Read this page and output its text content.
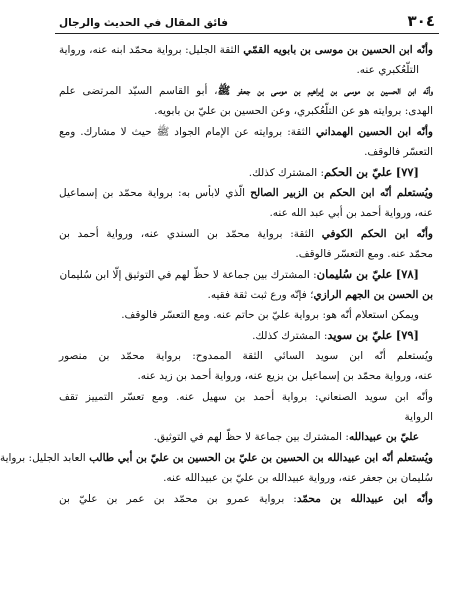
٣٠٤
فائق المقال في الحديث والرجال
وأنّه ابن الحسين بن موسى بن بابويه القمّي الثقة الجليل: برواية محمّد ابنه عنه، ورواية
التلّعُكبري عنه.
وأنّه ابن الحسين بن موسى بن إبراهيم بن موسى بن جعفر ﷺ، أبو القاسم السيّد المرتضى علم
الهدى: بروايته هو عن التلّعُكبري، وعن الحسين بن عليّ بن بابويه.
وأنّه ابن الحسين الهمداني الثقة: بروايته عن الإمام الجواد ﷺ حيث لا مشارك. ومع
التعسّر فالوقف.
[٧٧] عليّ بن الحكم: المشترك كذلك.
ويُستعلم أنّه ابن الحكم بن الزبير الصالح الّذي لابأس به: برواية محمّد بن إسماعيل
عنه، ورواية أحمد بن أبي عبد الله عنه.
وأنّه ابن الحكم الكوفي الثقة: برواية محمّد بن السندي عنه، ورواية أحمد بن
محمّد عنه. ومع التعسّر فالوقف.
[٧٨] عليّ بن سُليمان: المشترك بين جماعة لا حظّ لهم في التوثيق إلّا ابن سُليمان
بن الحسن بن الجهم الرازي؛ فإنّه ورع ثبت ثقة فقيه.
ويمكن استعلام أنّه هو: برواية عليّ بن حاتم عنه. ومع التعسّر فالوقف.
[٧٩] عليّ بن سويد: المشترك كذلك.
ويُستعلم أنّه ابن سويد السائي الثقة الممدوح: برواية محمّد بن منصور
عنه، ورواية محمّد بن إسماعيل بن بزيع عنه، ورواية أحمد بن زيد عنه.
وأنّه ابن سويد الصنعاني: برواية أحمد بن سهيل عنه. ومع تعسّر التمييز تقف
الرواية
عليّ بن عبيدالله: المشترك بين جماعة لا حظّ لهم في التوثيق.
ويُستعلم أنّه ابن عبيدالله بن الحسين بن عليّ بن الحسين بن عليّ بن أبي طالب العابد الجليل: برواية
سُليمان بن جعفر عنه، ورواية عبيدالله بن عليّ بن عبيدالله عنه.
وأنّه ابن عبيدالله بن محمّد: برواية عمرو بن محمّد بن عمر بن عليّ بن
